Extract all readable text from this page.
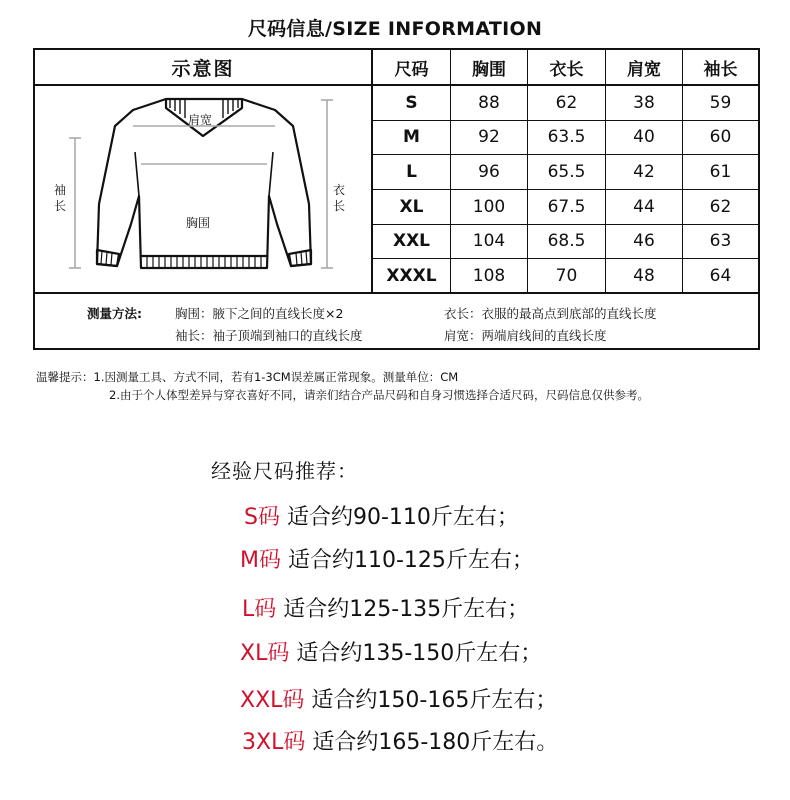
尺码信息/SIZE INFORMATION
示意图
肩宽
胸围
袖
长
衣
长
尺码	胸围	衣长	肩宽	袖长
S	88	62	38	59
M	92	63.5	40	60
L	96	65.5	42	61
XL	100	67.5	44	62
XXL	104	68.5	46	63
XXXL	108	70	48	64
测量方法:	胸围：腋下之间的直线长度×2	衣长：衣服的最高点到底部的直线长度
袖长：袖子顶端到袖口的直线长度	肩宽：两端肩线间的直线长度
温馨提示：1.因测量工具、方式不同，若有1-3CM误差属正常现象。测量单位：CM
2.由于个人体型差异与穿衣喜好不同，请亲们结合产品尺码和自身习惯选择合适尺码，尺码信息仅供参考。
经验尺码推荐：
S码 适合约90-110斤左右；
M码 适合约110-125斤左右；
L码 适合约125-135斤左右；
XL码 适合约135-150斤左右；
XXL码 适合约150-165斤左右；
3XL码 适合约165-180斤左右。
